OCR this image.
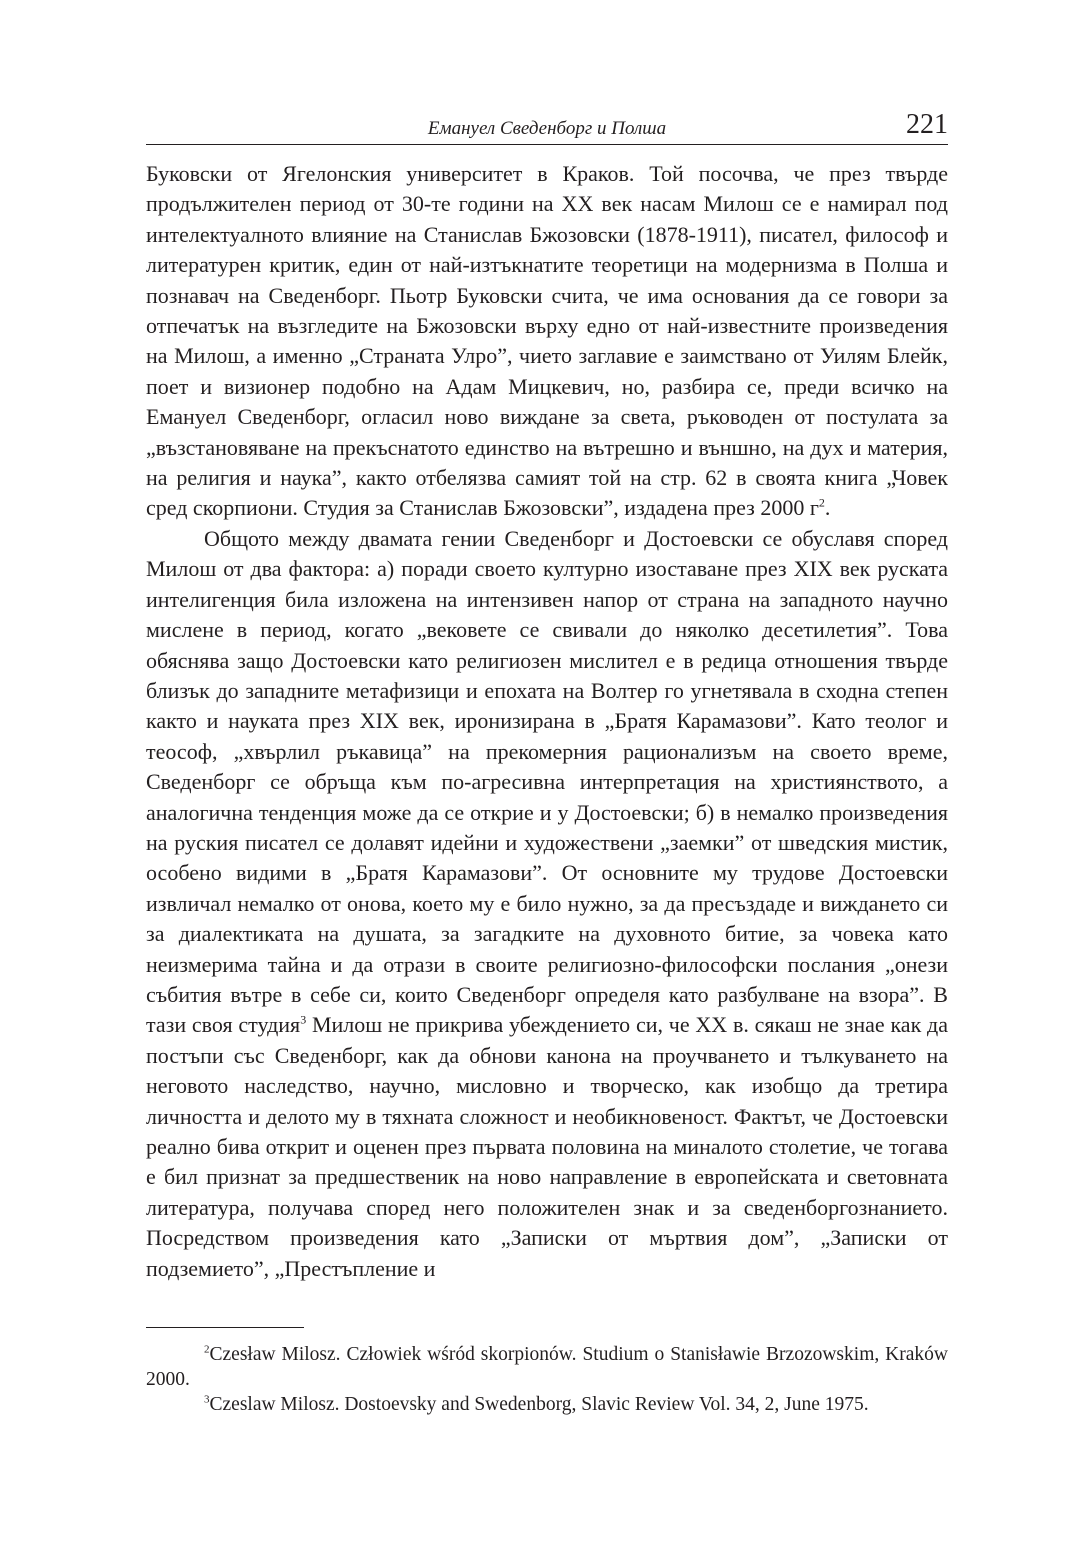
Емануел Сведенборг и Полша	221

Буковски от Ягелонския университет в Краков. Той посочва, че през твърде продължителен период от 30-те години на ХХ век насам Милош се е намирал под интелектуалното влияние на Станислав Бжозовски (1878-1911), писател, философ и литературен критик, един от най-изтъкнатите теоретици на модернизма в Полша и познавач на Сведенборг. Пьотр Буковски счита, че има основания да се говори за отпечатък на възгледите на Бжозовски върху едно от най-известните произведения на Милош, а именно „Страната Улро”, чието заглавие е заимствано от Уилям Блейк, поет и визионер подобно на Адам Мицкевич, но, разбира се, преди всичко на Емануел Сведенборг, огласил ново виждане за света, ръководен от постулата за „възстановяване на прекъснатото единство на вътрешно и външно, на дух и материя, на религия и наука”, както отбелязва самият той на стр. 62 в своята книга „Човек сред скорпиони. Студия за Станислав Бжозовски”, издадена през 2000 $г^2$.

Общото между двамата гении Сведенборг и Достоевски се обуславя според Милош от два фактора: а) поради своето културно изоставане през XIX век руската интелигенция била изложена на интензивен напор от страна на западното научно мислене в период, когато „вековете се свивали до няколко десетилетия”. Това обяснява защо Достоевски като религиозен мислител е в редица отношения твърде близък до западните метафизици и епохата на Волтер го угнетявала в сходна степен както и науката през XIX век, иронизирана в „Братя Карамазови”. Като теолог и теософ, „хвърлил ръкавица” на прекомерния рационализъм на своето време, Сведенборг се обръща към по-агресивна интерпретация на християнството, а аналогична тенденция може да се открие и у Достоевски; б) в немалко произведения на руския писател се долавят идейни и художествени „заемки” от шведския мистик, особено видими в „Братя Карамазови”. От основните му трудове Достоевски извличал немалко от онова, което му е било нужно, за да пресъздаде и виждането си за диалектиката на душата, за загадките на духовното битие, за човека като неизмерима тайна и да отрази в своите религиозно-философски послания „онези събития вътре в себе си, които Сведенборг определя като разбулване на взора”. В тази своя студия$^3$ Милош не прикрива убеждението си, че ХХ в. сякаш не знае как да постъпи със Сведенборг, как да обнови канона на проучването и тълкуването на неговото наследство, научно, мисловно и творческо, как изобщо да третира личността и делото му в тяхната сложност и необикновеност. Фактът, че Достоевски реално бива открит и оценен през първата половина на миналото столетие, че тогава е бил признат за предшественик на ново направление в европейската и световната литература, получава според него положителен знак и за сведенборгознанието. Посредством произведения като „Записки от мъртвия дом”, „Записки от подземието”, „Престъпление и

$^2$Czesław Milosz. Człowiek wśród skorpionów. Studium o Stanisławie Brzozowskim, Kraków 2000.

$^3$Czeslaw Milosz. Dostoevsky and Swedenborg, Slavic Review Vol. 34, 2, June 1975.
